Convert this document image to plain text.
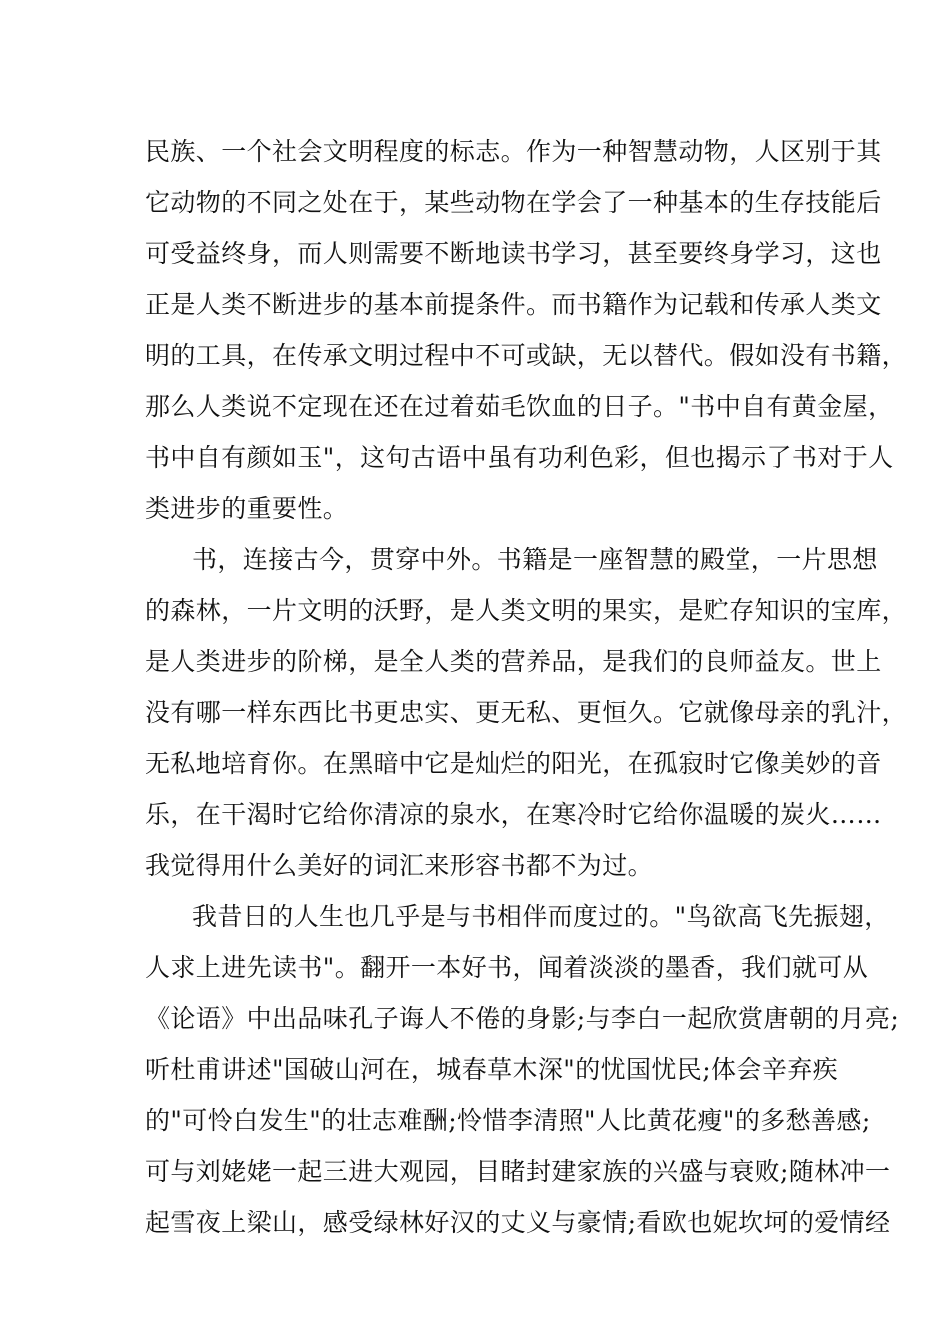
民族、一个社会文明程度的标志。作为一种智慧动物，人区别于其
它动物的不同之处在于，某些动物在学会了一种基本的生存技能后
可受益终身，而人则需要不断地读书学习，甚至要终身学习，这也
正是人类不断进步的基本前提条件。而书籍作为记载和传承人类文
明的工具，在传承文明过程中不可或缺，无以替代。假如没有书籍，
那么人类说不定现在还在过着茹毛饮血的日子。"书中自有黄金屋，
书中自有颜如玉"，这句古语中虽有功利色彩，但也揭示了书对于人
类进步的重要性。
书，连接古今，贯穿中外。书籍是一座智慧的殿堂，一片思想
的森林，一片文明的沃野，是人类文明的果实，是贮存知识的宝库，
是人类进步的阶梯，是全人类的营养品，是我们的良师益友。世上
没有哪一样东西比书更忠实、更无私、更恒久。它就像母亲的乳汁，
无私地培育你。在黑暗中它是灿烂的阳光，在孤寂时它像美妙的音
乐，在干渴时它给你清凉的泉水，在寒冷时它给你温暖的炭火……
我觉得用什么美好的词汇来形容书都不为过。
我昔日的人生也几乎是与书相伴而度过的。"鸟欲高飞先振翅，
人求上进先读书"。翻开一本好书，闻着淡淡的墨香，我们就可从
《论语》中出品味孔子诲人不倦的身影;与李白一起欣赏唐朝的月亮;
听杜甫讲述"国破山河在，城春草木深"的忧国忧民;体会辛弃疾
的"可怜白发生"的壮志难酬;怜惜李清照"人比黄花瘦"的多愁善感;
可与刘姥姥一起三进大观园，目睹封建家族的兴盛与衰败;随林冲一
起雪夜上梁山，感受绿林好汉的丈义与豪情;看欧也妮坎坷的爱情经
